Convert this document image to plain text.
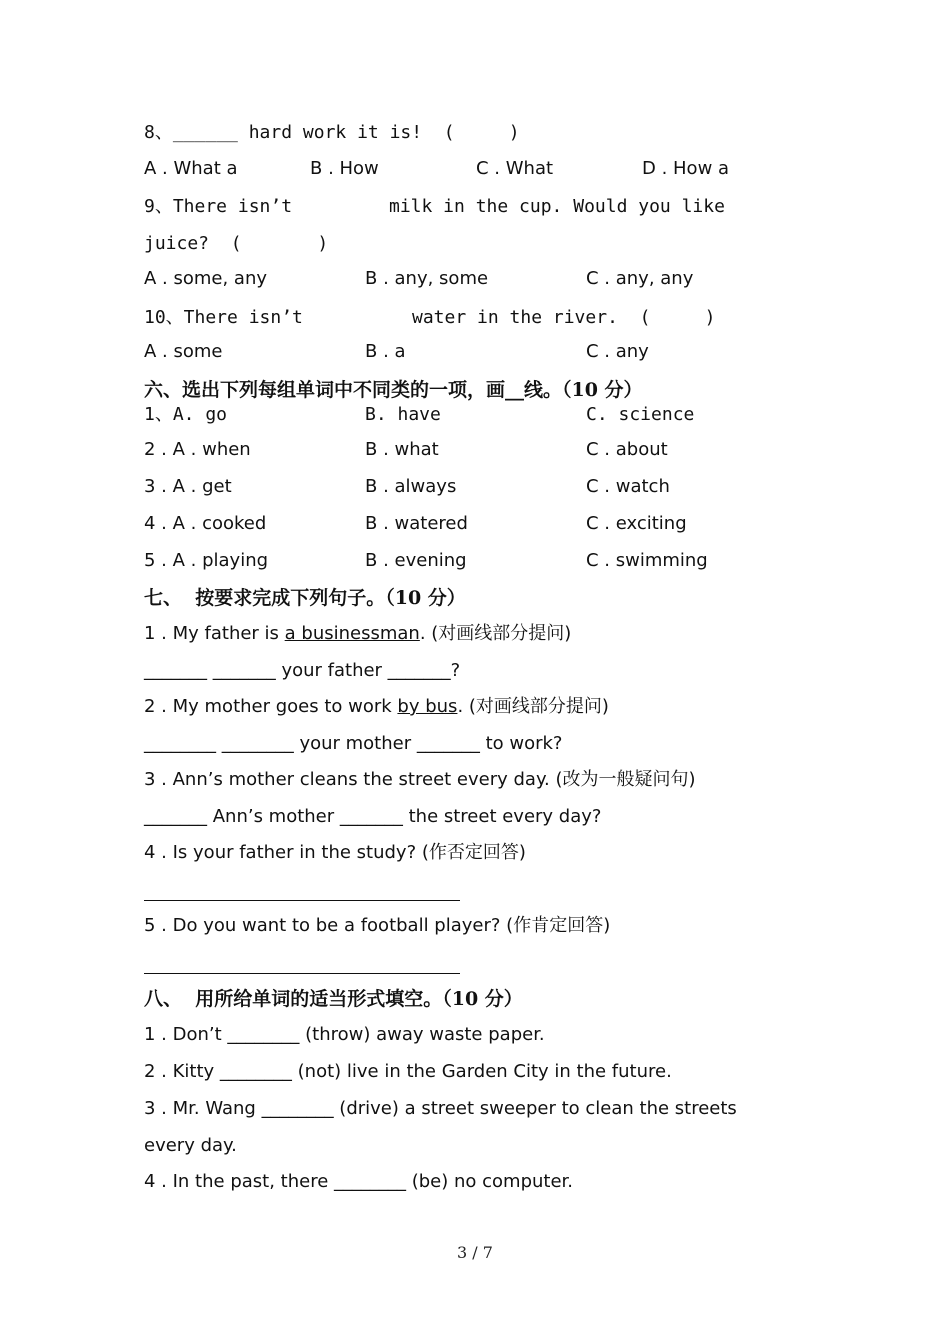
8、______ hard work it is!  (     )

A . What a

	B . How

	C . What

	D . How a

9、There isn’t

	milk in the cup. Would you like

juice?  (       )

A . some, any

	B . any, some

	C . any, any

10、There isn’t

	water in the river.  (     )

A . some

	B . a

	C . any

六、选出下列每组单词中不同类的一项，画__线。（10 分）

1、A. go

	B. have

	C. science

2 . A . when

	B . what

	C . about

3 . A . get

	B . always

	C . watch

4 . A . cooked

	B . watered

	C . exciting

5 . A . playing

	B . evening

	C . swimming

七、  按要求完成下列句子。（10 分）
1 . My father is a businessman. (对画线部分提问)
_______ _______ your father _______?
2 . My mother goes to work by bus. (对画线部分提问)
________ ________ your mother _______ to work?
3 . Ann’s mother cleans the street every day. (改为一般疑问句)
_______ Ann’s mother _______ the street every day?
4 . Is your father in the study? (作否定回答)
5 . Do you want to be a football player? (作肯定回答)
八、  用所给单词的适当形式填空。（10 分）
1 . Don’t ________ (throw) away waste paper.
2 . Kitty ________ (not) live in the Garden City in the future.
3 . Mr. Wang ________ (drive) a street sweeper to clean the streets
every day.
4 . In the past, there ________ (be) no computer.
3 / 7
